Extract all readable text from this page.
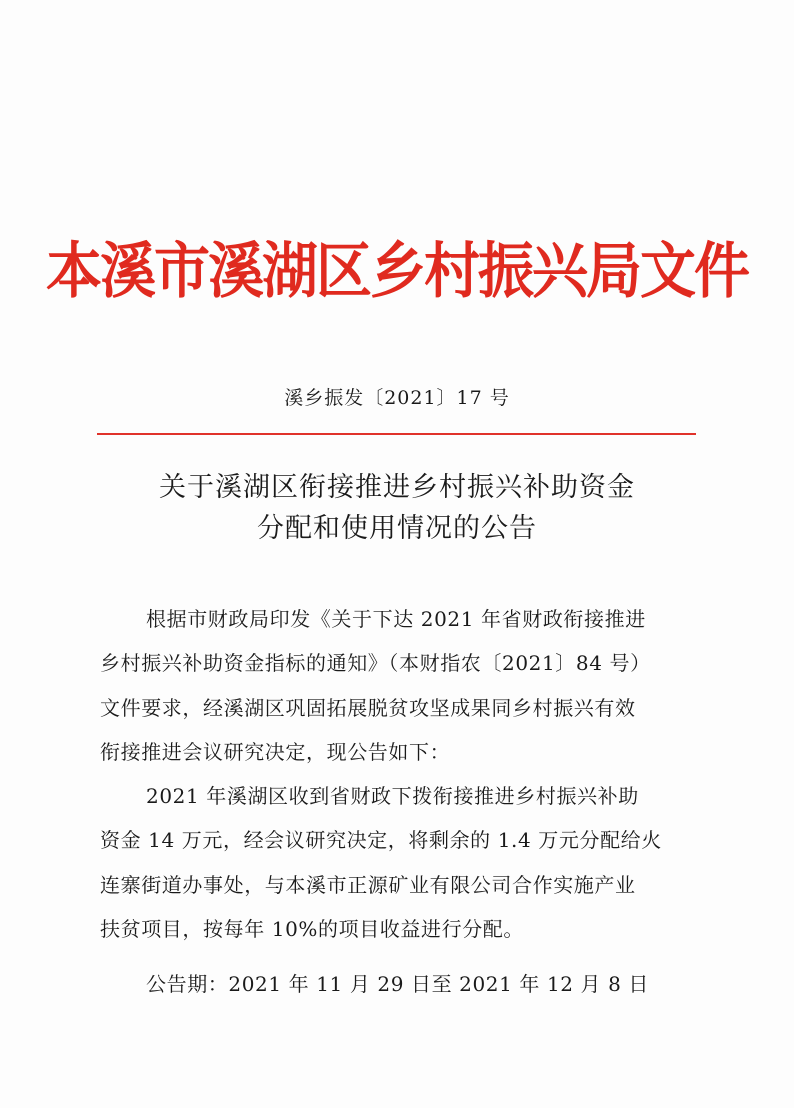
本溪市溪湖区乡村振兴局文件
溪乡振发〔2021〕17 号
关于溪湖区衔接推进乡村振兴补助资金
分配和使用情况的公告
根据市财政局印发《关于下达 2021 年省财政衔接推进
乡村振兴补助资金指标的通知》（本财指农〔2021〕84 号）
文件要求，经溪湖区巩固拓展脱贫攻坚成果同乡村振兴有效
衔接推进会议研究决定，现公告如下：
2021 年溪湖区收到省财政下拨衔接推进乡村振兴补助
资金 14 万元，经会议研究决定，将剩余的 1.4 万元分配给火
连寨街道办事处，与本溪市正源矿业有限公司合作实施产业
扶贫项目，按每年 10%的项目收益进行分配。
公告期：2021 年 11 月 29 日至 2021 年 12 月 8 日
